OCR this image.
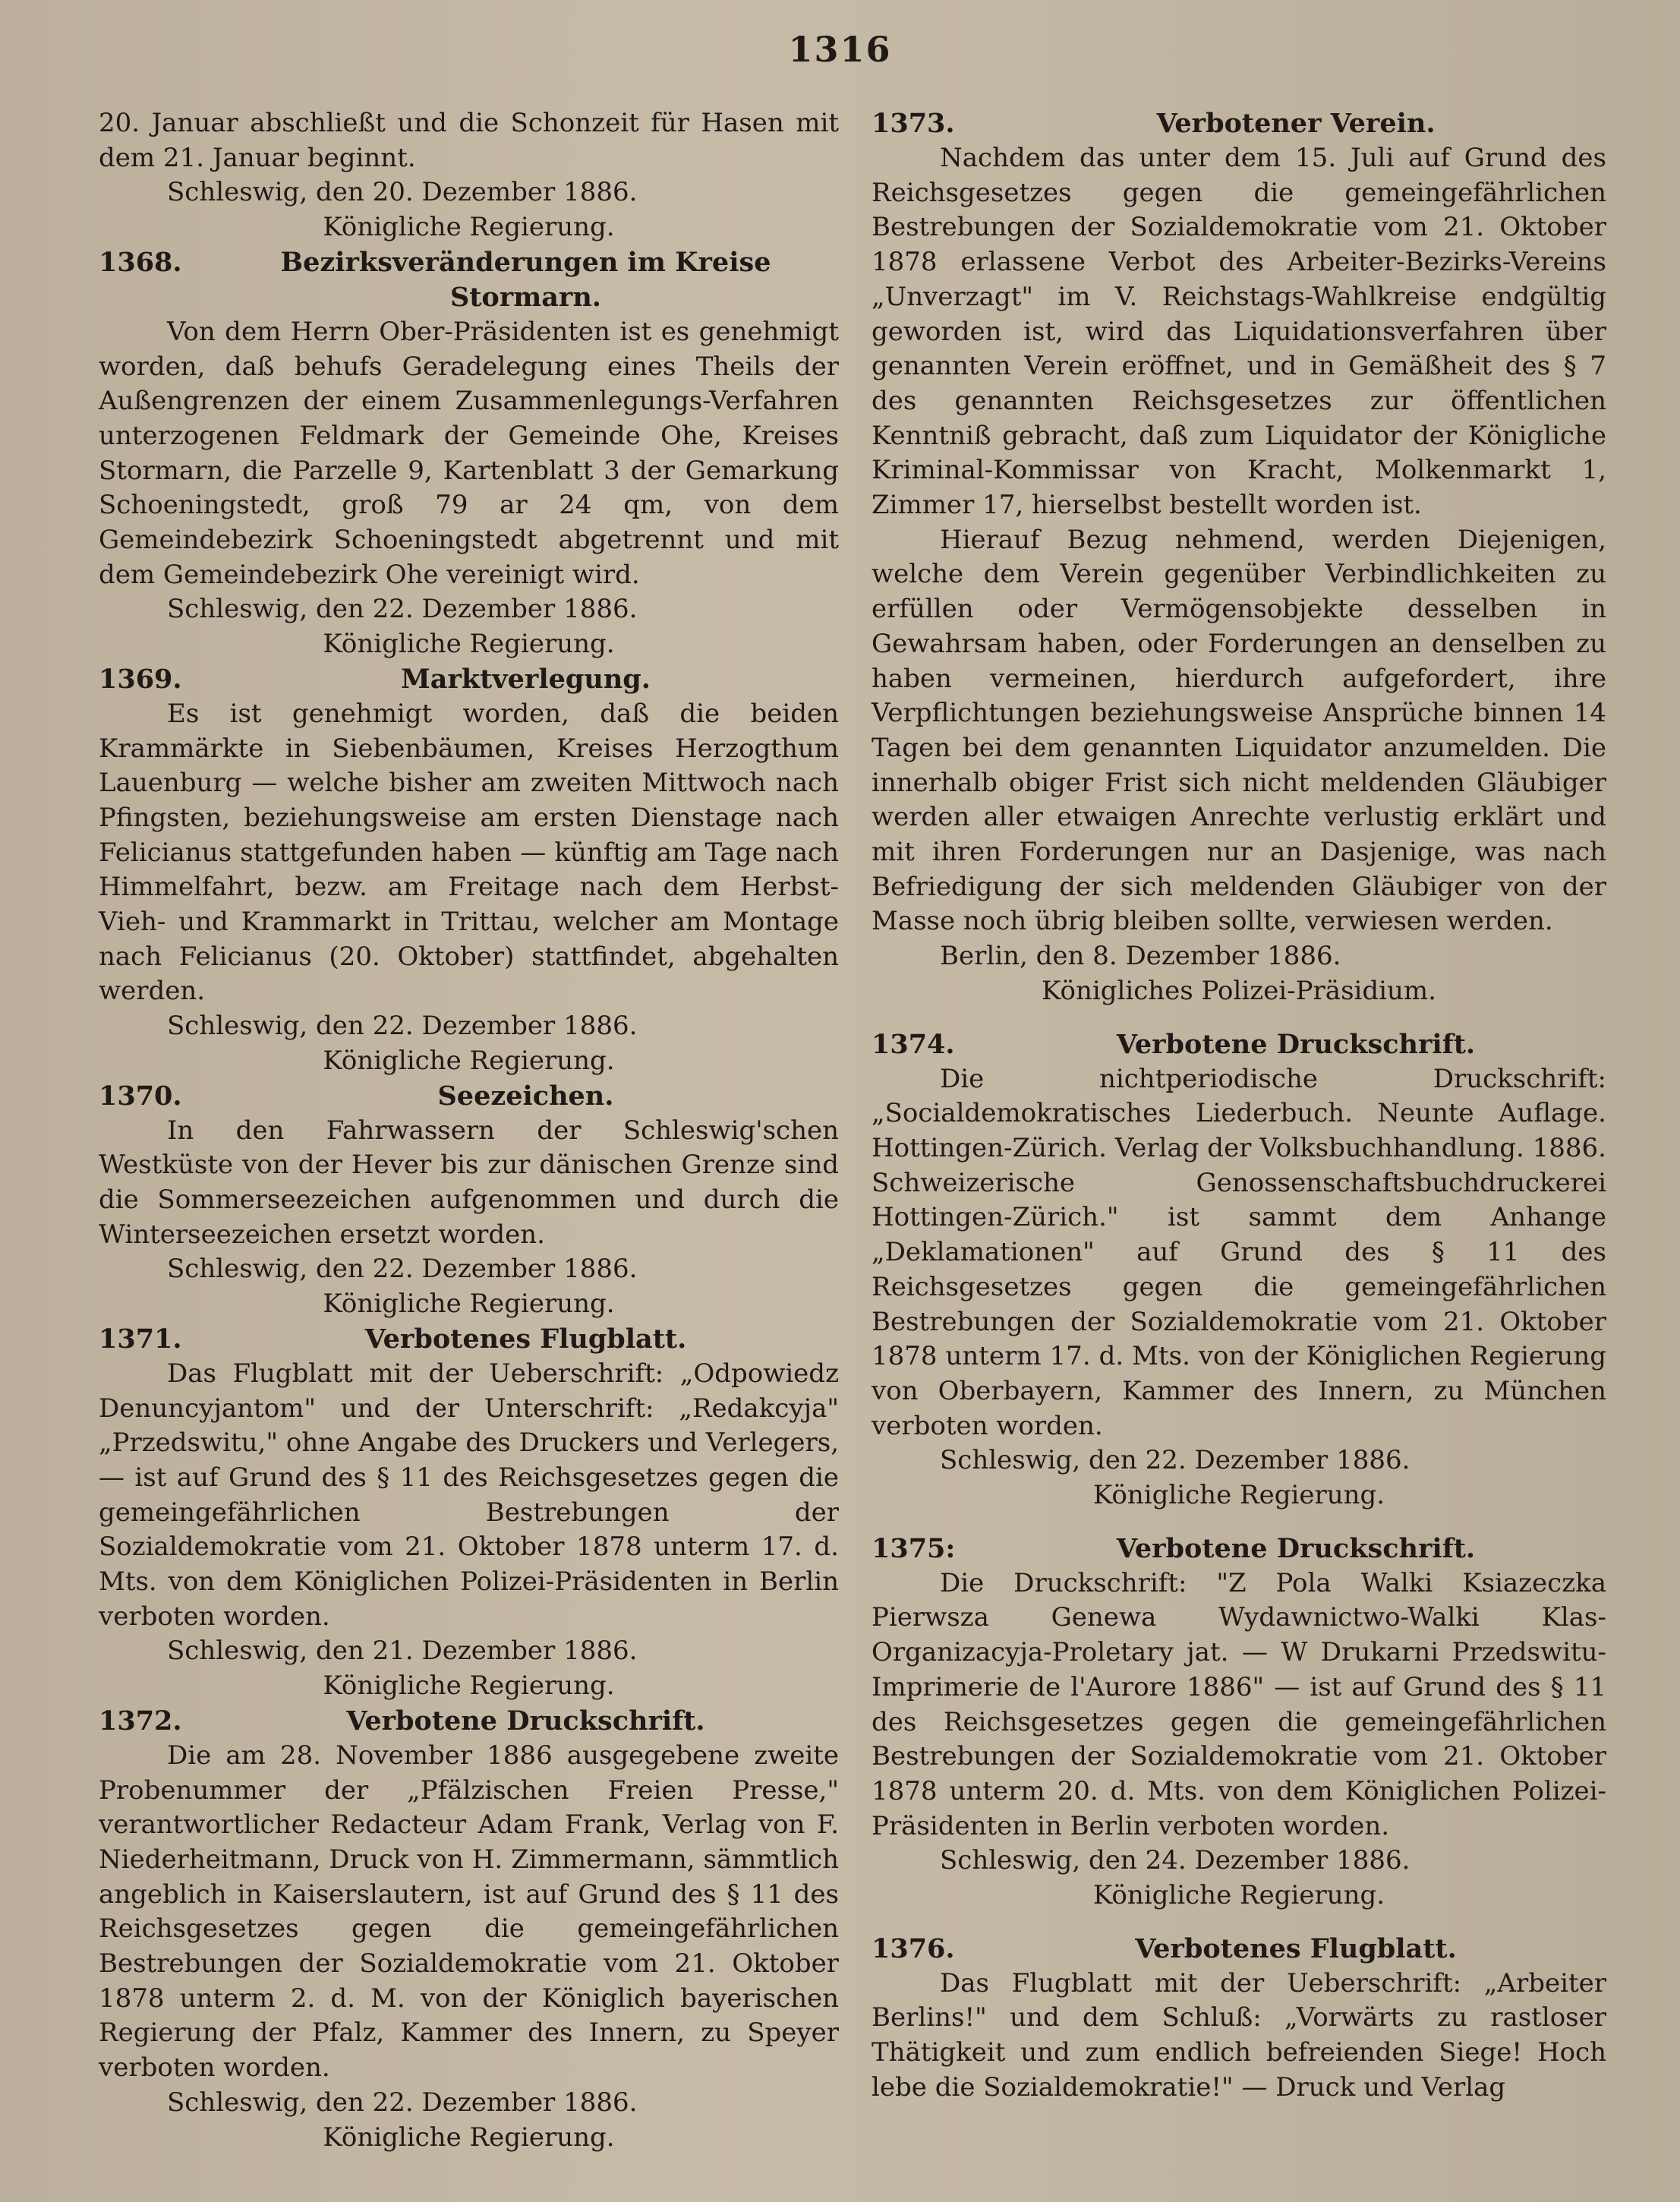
1316

20. Januar abschließt und die Schonzeit für Hasen mit dem 21. Januar beginnt.

Schleswig, den 20. Dezember 1886.

Königliche Regierung.

1368.	Bezirksveränderungen im Kreise Stormarn.

Von dem Herrn Ober-Präsidenten ist es genehmigt worden, daß behufs Geradelegung eines Theils der Außengrenzen der einem Zusammenlegungs-Verfahren unterzogenen Feldmark der Gemeinde Ohe, Kreises Stormarn, die Parzelle 9, Kartenblatt 3 der Gemarkung Schoeningstedt, groß 79 ar 24 qm, von dem Gemeindebezirk Schoeningstedt abgetrennt und mit dem Gemeindebezirk Ohe vereinigt wird.

Schleswig, den 22. Dezember 1886.

Königliche Regierung.

1369.	Marktverlegung.

Es ist genehmigt worden, daß die beiden Krammärkte in Siebenbäumen, Kreises Herzogthum Lauenburg — welche bisher am zweiten Mittwoch nach Pfingsten, beziehungsweise am ersten Dienstage nach Felicianus stattgefunden haben — künftig am Tage nach Himmelfahrt, bezw. am Freitage nach dem Herbst- Vieh- und Krammarkt in Trittau, welcher am Montage nach Felicianus (20. Oktober) stattfindet, abgehalten werden.

Schleswig, den 22. Dezember 1886.

Königliche Regierung.

1370.	Seezeichen.

In den Fahrwassern der Schleswig'schen Westküste von der Hever bis zur dänischen Grenze sind die Sommerseezeichen aufgenommen und durch die Winterseezeichen ersetzt worden.

Schleswig, den 22. Dezember 1886.

Königliche Regierung.

1371.	Verbotenes Flugblatt.

Das Flugblatt mit der Ueberschrift: „Odpowiedz Denuncyjantom" und der Unterschrift: „Redakcyja" „Przedswitu," ohne Angabe des Druckers und Verlegers, — ist auf Grund des § 11 des Reichsgesetzes gegen die gemeingefährlichen Bestrebungen der Sozialdemokratie vom 21. Oktober 1878 unterm 17. d. Mts. von dem Königlichen Polizei-Präsidenten in Berlin verboten worden.

Schleswig, den 21. Dezember 1886.

Königliche Regierung.

1372.	Verbotene Druckschrift.

Die am 28. November 1886 ausgegebene zweite Probenummer der „Pfälzischen Freien Presse," verantwortlicher Redacteur Adam Frank, Verlag von F. Niederheitmann, Druck von H. Zimmermann, sämmtlich angeblich in Kaiserslautern, ist auf Grund des § 11 des Reichsgesetzes gegen die gemeingefährlichen Bestrebungen der Sozialdemokratie vom 21. Oktober 1878 unterm 2. d. M. von der Königlich bayerischen Regierung der Pfalz, Kammer des Innern, zu Speyer verboten worden.

Schleswig, den 22. Dezember 1886.

Königliche Regierung.

1373.	Verbotener Verein.

Nachdem das unter dem 15. Juli auf Grund des Reichsgesetzes gegen die gemeingefährlichen Bestrebungen der Sozialdemokratie vom 21. Oktober 1878 erlassene Verbot des Arbeiter-Bezirks-Vereins „Unverzagt" im V. Reichstags-Wahlkreise endgültig geworden ist, wird das Liquidationsverfahren über genannten Verein eröffnet, und in Gemäßheit des § 7 des genannten Reichsgesetzes zur öffentlichen Kenntniß gebracht, daß zum Liquidator der Königliche Kriminal-Kommissar von Kracht, Molkenmarkt 1, Zimmer 17, hierselbst bestellt worden ist.

Hierauf Bezug nehmend, werden Diejenigen, welche dem Verein gegenüber Verbindlichkeiten zu erfüllen oder Vermögensobjekte desselben in Gewahrsam haben, oder Forderungen an denselben zu haben vermeinen, hierdurch aufgefordert, ihre Verpflichtungen beziehungsweise Ansprüche binnen 14 Tagen bei dem genannten Liquidator anzumelden. Die innerhalb obiger Frist sich nicht meldenden Gläubiger werden aller etwaigen Anrechte verlustig erklärt und mit ihren Forderungen nur an Dasjenige, was nach Befriedigung der sich meldenden Gläubiger von der Masse noch übrig bleiben sollte, verwiesen werden.

Berlin, den 8. Dezember 1886.

Königliches Polizei-Präsidium.

1374.	Verbotene Druckschrift.

Die nichtperiodische Druckschrift: „Socialdemokratisches Liederbuch. Neunte Auflage. Hottingen-Zürich. Verlag der Volksbuchhandlung. 1886. Schweizerische Genossenschaftsbuchdruckerei Hottingen-Zürich." ist sammt dem Anhange „Deklamationen" auf Grund des § 11 des Reichsgesetzes gegen die gemeingefährlichen Bestrebungen der Sozialdemokratie vom 21. Oktober 1878 unterm 17. d. Mts. von der Königlichen Regierung von Oberbayern, Kammer des Innern, zu München verboten worden.

Schleswig, den 22. Dezember 1886.

Königliche Regierung.

1375:	Verbotene Druckschrift.

Die Druckschrift: "Z Pola Walki Ksiazeczka Pierwsza Genewa Wydawnictwo-Walki Klas-Organizacyja-Proletary jat. — W Drukarni Przedswitu-Imprimerie de l'Aurore 1886" — ist auf Grund des § 11 des Reichsgesetzes gegen die gemeingefährlichen Bestrebungen der Sozialdemokratie vom 21. Oktober 1878 unterm 20. d. Mts. von dem Königlichen Polizei-Präsidenten in Berlin verboten worden.

Schleswig, den 24. Dezember 1886.

Königliche Regierung.

1376.	Verbotenes Flugblatt.

Das Flugblatt mit der Ueberschrift: „Arbeiter Berlins!" und dem Schluß: „Vorwärts zu rastloser Thätigkeit und zum endlich befreienden Siege! Hoch lebe die Sozialdemokratie!" — Druck und Verlag
